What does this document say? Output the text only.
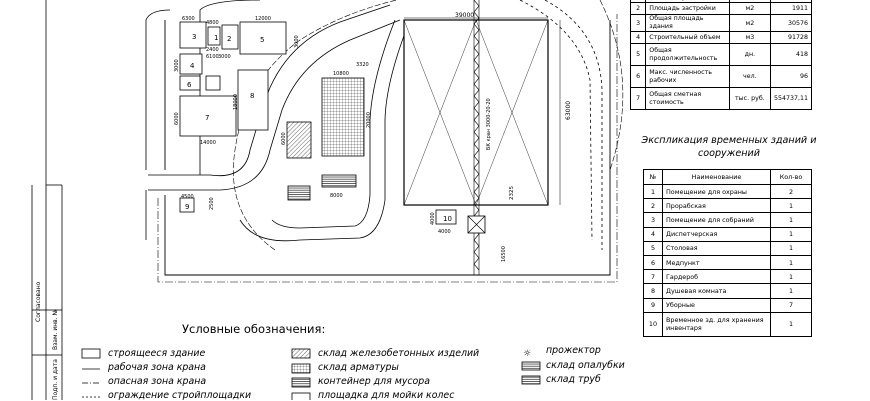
Согласовано
Взам. инв. №
Подп. и дата
БК кран 3000-20-20
39000
63000
2325
1 2
3
4
5
6
7
8
9
10
6300	12000
4800
2400
6100 3000
3000
3000
18000
6000
14000
4500
2500
4000
4000
16500
10800
3320
20000
6000
8000
☼

2	Площадь застройки	м2	1911
3	Общая площадь здания	м2	30576
4	Строительный объем	м3	91728
5	Общая продолжительность	дн.	418
6	Макс. численность рабочих	чел.	96
7	Общая сметная стоимость	тыс. руб.	554737,11
Экспликация временных зданий и сооружений
№	Наименование	Кол-во
1	Помещение для охраны	2
2	Прорабская	1
3	Помещение для собраний	1
4	Диспетчерская	1
5	Столовая	1
6	Медпункт	1
7	Гардероб	1
8	Душевая комната	1
9	Уборные	7
10	Временное зд. для хранения инвентаря	1
Условные обозначения:
строящееся здание
рабочая зона крана
опасная зона крана
ограждение стройплощадки
склад железобетонных изделий
склад арматуры
контейнер для мусора
площадка для мойки колес
прожектор
склад опалубки
склад труб
